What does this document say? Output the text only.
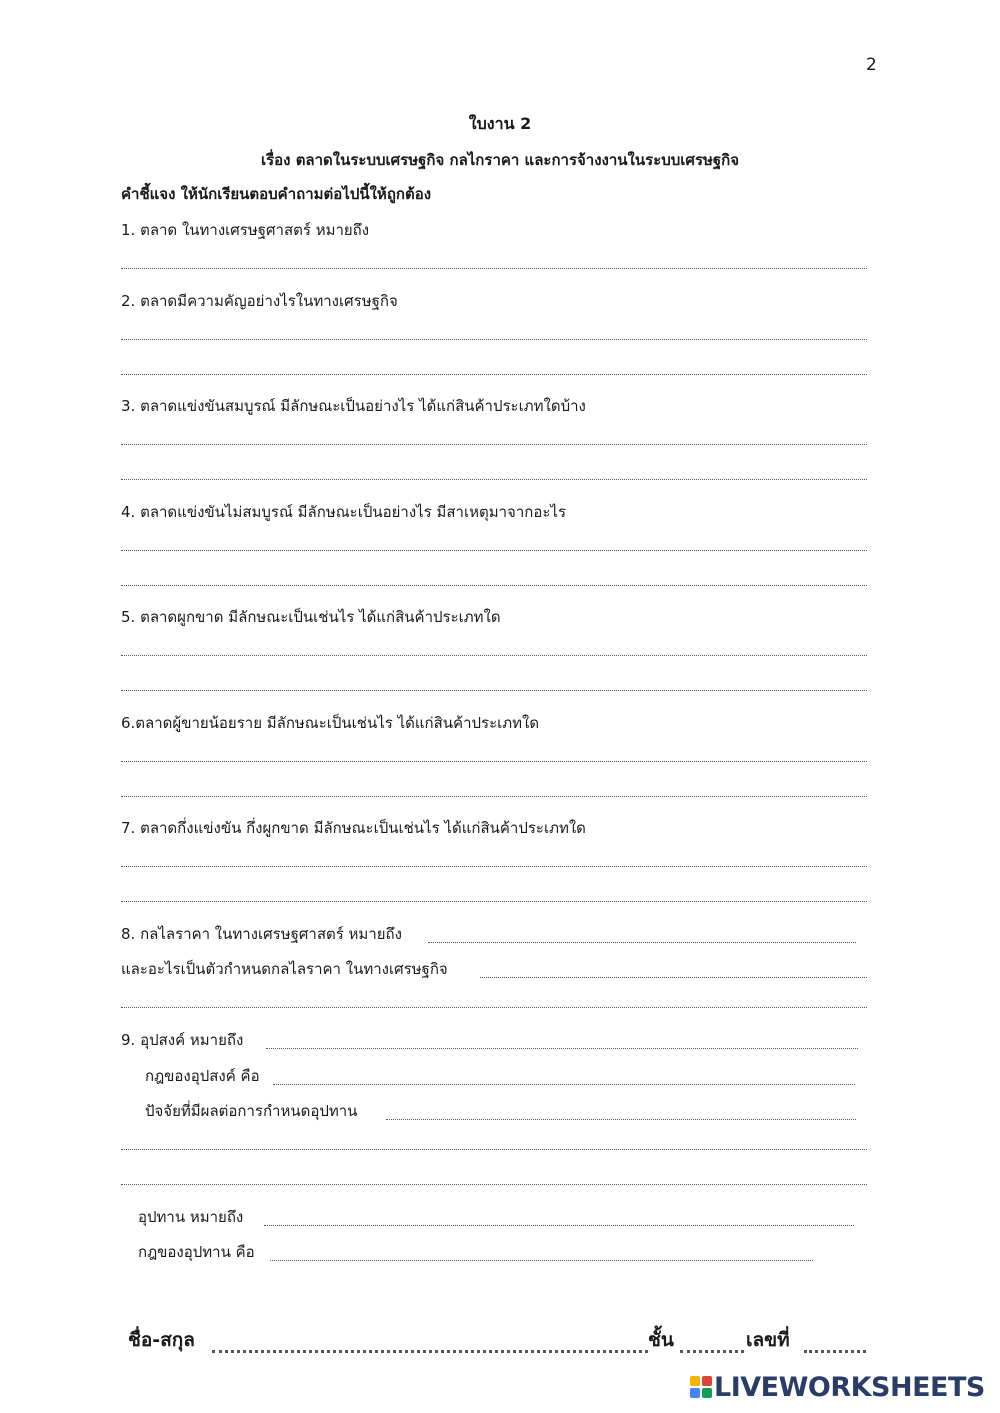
2
ใบงาน 2
เรื่อง ตลาดในระบบเศรษฐกิจ กลไกราคา และการจ้างงานในระบบเศรษฐกิจ
คำชี้แจง ให้นักเรียนตอบคำถามต่อไปนี้ให้ถูกต้อง
1. ตลาด ในทางเศรษฐศาสตร์ หมายถึง
2. ตลาดมีความคัญอย่างไรในทางเศรษฐกิจ
3. ตลาดแข่งขันสมบูรณ์ มีลักษณะเป็นอย่างไร ได้แก่สินค้าประเภทใดบ้าง
4. ตลาดแข่งขันไม่สมบูรณ์ มีลักษณะเป็นอย่างไร มีสาเหตุมาจากอะไร
5. ตลาดผูกขาด มีลักษณะเป็นเช่นไร ได้แก่สินค้าประเภทใด
6.ตลาดผู้ขายน้อยราย มีลักษณะเป็นเช่นไร ได้แก่สินค้าประเภทใด
7. ตลาดกึ่งแข่งขัน กึ่งผูกขาด มีลักษณะเป็นเช่นไร ได้แก่สินค้าประเภทใด
8. กลไลราคา ในทางเศรษฐศาสตร์ หมายถึง
และอะไรเป็นตัวกำหนดกลไลราคา ในทางเศรษฐกิจ
9. อุปสงค์ หมายถึง
กฎของอุปสงค์ คือ
ปัจจัยที่มีผลต่อการกำหนดอุปทาน
อุปทาน หมายถึง
กฎของอุปทาน คือ
ชื่อ-สกุล	ชั้น	เลขที่
LIVEWORKSHEETS
